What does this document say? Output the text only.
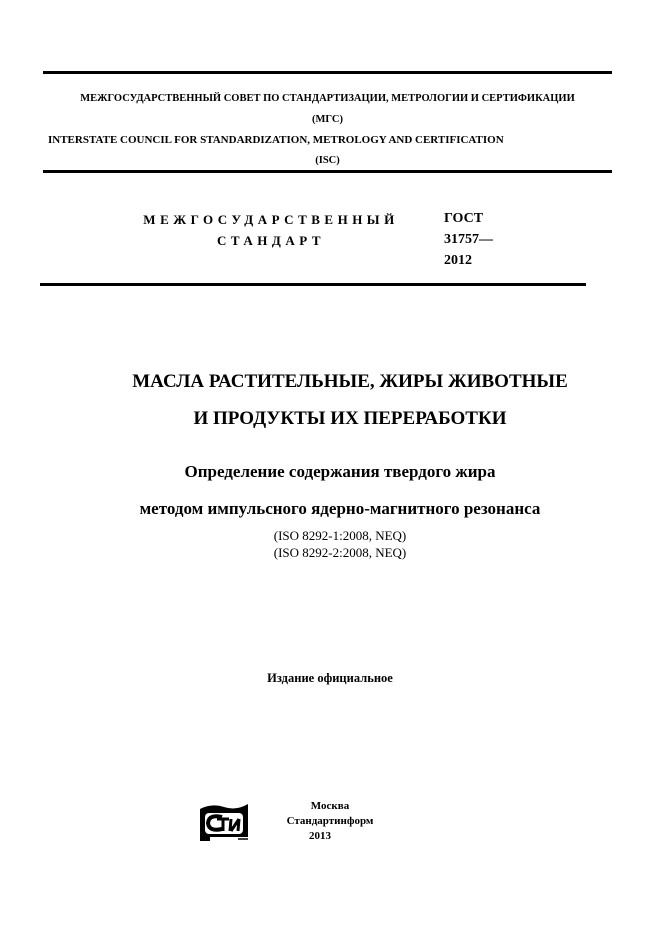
МЕЖГОСУДАРСТВЕННЫЙ СОВЕТ ПО СТАНДАРТИЗАЦИИ, МЕТРОЛОГИИ И СЕРТИФИКАЦИИ
(МГС)
INTERSTATE COUNCIL FOR STANDARDIZATION, METROLOGY AND CERTIFICATION
(ISC)
МЕЖГОСУДАРСТВЕННЫЙ
СТАНДАРТ
ГОСТ
31757—
2012
МАСЛА РАСТИТЕЛЬНЫЕ, ЖИРЫ ЖИВОТНЫЕ
И ПРОДУКТЫ ИХ ПЕРЕРАБОТКИ
Определение содержания твердого жира
методом импульсного ядерно-магнитного резонанса
(ISO 8292-1:2008, NEQ)
(ISO 8292-2:2008, NEQ)
Издание официальное
Москва
Стандартинформ
2013
